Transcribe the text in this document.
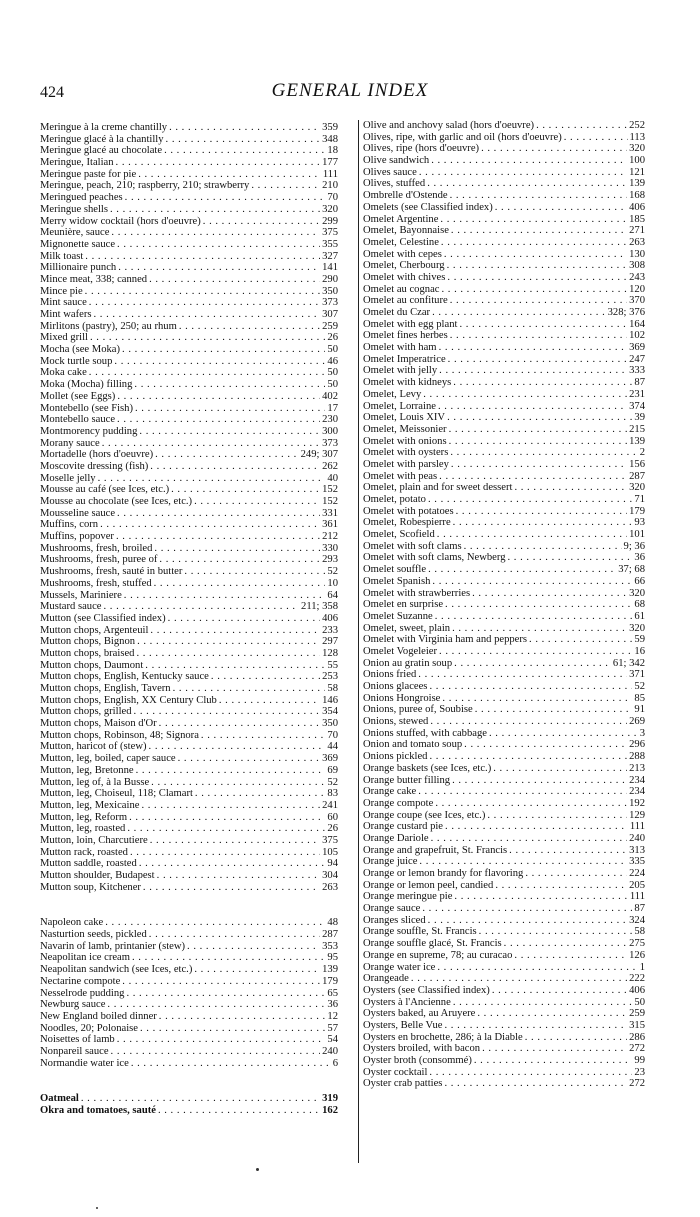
424	GENERAL INDEX
Meringue à la creme chantilly . . .	359
Meringue glacé à la chantilly . . .	348
Meringue glacé au chocolate . . .	18
Meringue, Italian . . .	177
Meringue paste for pie . . .	111
Meringue, peach, 210; raspberry, 210; strawberry . . .	210
Meringued peaches . . .	70
Meringue shells . . .	320
Merry widow cocktail (hors d'oeuvre) . . .	299
Meunière, sauce . . .	375
Mignonette sauce . . .	355
Milk toast . . .	327
Millionaire punch . . .	141
Mince meat, 338; canned . . .	290
Mince pie . . .	350
Mint sauce . . .	373
Mint wafers . . .	307
Mirlitons (pastry), 250; au rhum . . .	259
Mixed grill . . .	26
Mocha (see Moka) . . .	50
Mock turtle soup . . .	46
Moka cake . . .	50
Moka (Mocha) filling . . .	50
Mollet (see Eggs) . . .	402
Montebello (see Fish) . . .	17
Montebello sauce . . .	230
Montmorency pudding . . .	300
Morany sauce . . .	373
Mortadelle (hors d'oeuvre) . . .	249; 307
Moscovite dressing (fish) . . .	262
Moselle jelly . . .	40
Mousse au café (see Ices, etc.) . . .	152
Mousse au chocolate (see Ices, etc.) . . .	152
Mousseline sauce . . .	331
Muffins, corn . . .	361
Muffins, popover . . .	212
Mushrooms, fresh, broiled . . .	330
Mushrooms, fresh, puree of . . .	293
Mushrooms, fresh, sauté in butter . . .	52
Mushrooms, fresh, stuffed . . .	10
Mussels, Mariniere . . .	64
Mustard sauce . . .	211; 358
Mutton (see Classified index) . . .	406
Mutton chops, Argenteuil . . .	233
Mutton chops, Bignon . . .	297
Mutton chops, braised . . .	128
Mutton chops, Daumont . . .	55
Mutton chops, English, Kentucky sauce . . .	253
Mutton chops, English, Tavern . . .	58
Mutton chops, English, XX Century Club . . .	146
Mutton chops, grilled . . .	354
Mutton chops, Maison d'Or . . .	350
Mutton chops, Robinson, 48; Signora . . .	70
Mutton, haricot of (stew) . . .	44
Mutton, leg, boiled, caper sauce . . .	369
Mutton, leg, Bretonne . . .	69
Mutton, leg of, à la Busse . . .	52
Mutton, leg, Choiseul, 118; Clamart . . .	83
Mutton, leg, Mexicaine . . .	241
Mutton, leg, Reform . . .	60
Mutton, leg, roasted . . .	26
Mutton, loin, Charcutiere . . .	375
Mutton rack, roasted . . .	105
Mutton saddle, roasted . . .	94
Mutton shoulder, Budapest . . .	304
Mutton soup, Kitchener . . .	263
Napoleon cake . . .	48
Nasturtion seeds, pickled . . .	287
Navarin of lamb, printanier (stew) . . .	353
Neapolitan ice cream . . .	95
Neapolitan sandwich (see Ices, etc.) . . .	139
Nectarine compote . . .	179
Nesselrode pudding . . .	65
Newburg sauce . . .	36
New England boiled dinner . . .	12
Noodles, 20; Polonaise . . .	57
Noisettes of lamb . . .	54
Nonpareil sauce . . .	240
Normandie water ice . . .	6
Oatmeal . . .	319
Okra and tomatoes, sauté . . .	162
Olive and anchovy salad (hors d'oeuvre) . . .	252
Olives, ripe, with garlic and oil (hors d'oeuvre) . . .	113
Olives, ripe (hors d'oeuvre) . . .	320
Olive sandwich . . .	100
Olives sauce . . .	121
Olives, stuffed . . .	139
Ombrelle d'Ostende . . .	168
Omelets (see Classified index) . . .	406
Omelet Argentine . . .	185
Omelet, Bayonnaise . . .	271
Omelet, Celestine . . .	263
Omelet with cepes . . .	130
Omelet, Cherbourg . . .	308
Omelet with chives . . .	243
Omelet au cognac . . .	120
Omelet au confiture . . .	370
Omelet du Czar . . .	328; 376
Omelet with egg plant . . .	164
Omelet fines herbes . . .	102
Omelet with ham . . .	369
Omelet Imperatrice . . .	247
Omelet with jelly . . .	333
Omelet with kidneys . . .	87
Omelet, Levy . . .	231
Omelet, Lorraine . . .	374
Omelet, Louis XIV . . .	39
Omelet, Meissonier . . .	215
Omelet with onions . . .	139
Omelet with oysters . . .	2
Omelet with parsley . . .	156
Omelet with peas . . .	287
Omelet, plain and for sweet dessert . . .	320
Omelet, potato . . .	71
Omelet with potatoes . . .	179
Omelet, Robespierre . . .	93
Omelet, Scofield . . .	101
Omelet with soft clams . . .	9; 36
Omelet with soft clams, Newberg . . .	36
Omelet souffle . . .	37; 68
Omelet Spanish . . .	66
Omelet with strawberries . . .	320
Omelet en surprise . . .	68
Omelet Suzanne . . .	61
Omelet, sweet, plain . . .	320
Omelet with Virginia ham and peppers . . .	59
Omelet Vogeleier . . .	16
Onion au gratin soup . . .	61; 342
Onions fried . . .	371
Onions glacees . . .	52
Onions Hongroise . . .	85
Onions, puree of, Soubise . . .	91
Onions, stewed . . .	269
Onions stuffed, with cabbage . . .	3
Onion and tomato soup . . .	296
Onions pickled . . .	288
Orange baskets (see Ices, etc.) . . .	213
Orange butter filling . . .	234
Orange cake . . .	234
Orange compote . . .	192
Orange coupe (see Ices, etc.) . . .	129
Orange custard pie . . .	111
Orange Dariole . . .	240
Orange and grapefruit, St. Francis . . .	313
Orange juice . . .	335
Orange or lemon brandy for flavoring . . .	224
Orange or lemon peel, candied . . .	205
Orange meringue pie . . .	111
Orange sauce . . .	87
Oranges sliced . . .	324
Orange souffle, St. Francis . . .	58
Orange souffle glacé, St. Francis . . .	275
Orange en supreme, 78; au curacao . . .	126
Orange water ice . . .	1
Orangeade . . .	222
Oysters (see Classified index) . . .	406
Oysters à l'Ancienne . . .	50
Oysters baked, au Aruyere . . .	259
Oysters, Belle Vue . . .	315
Oysters en brochette, 286; à la Diable . . .	286
Oysters broiled, with bacon . . .	272
Oyster broth (consommé) . . .	99
Oyster cocktail . . .	23
Oyster crab patties . . .	272
